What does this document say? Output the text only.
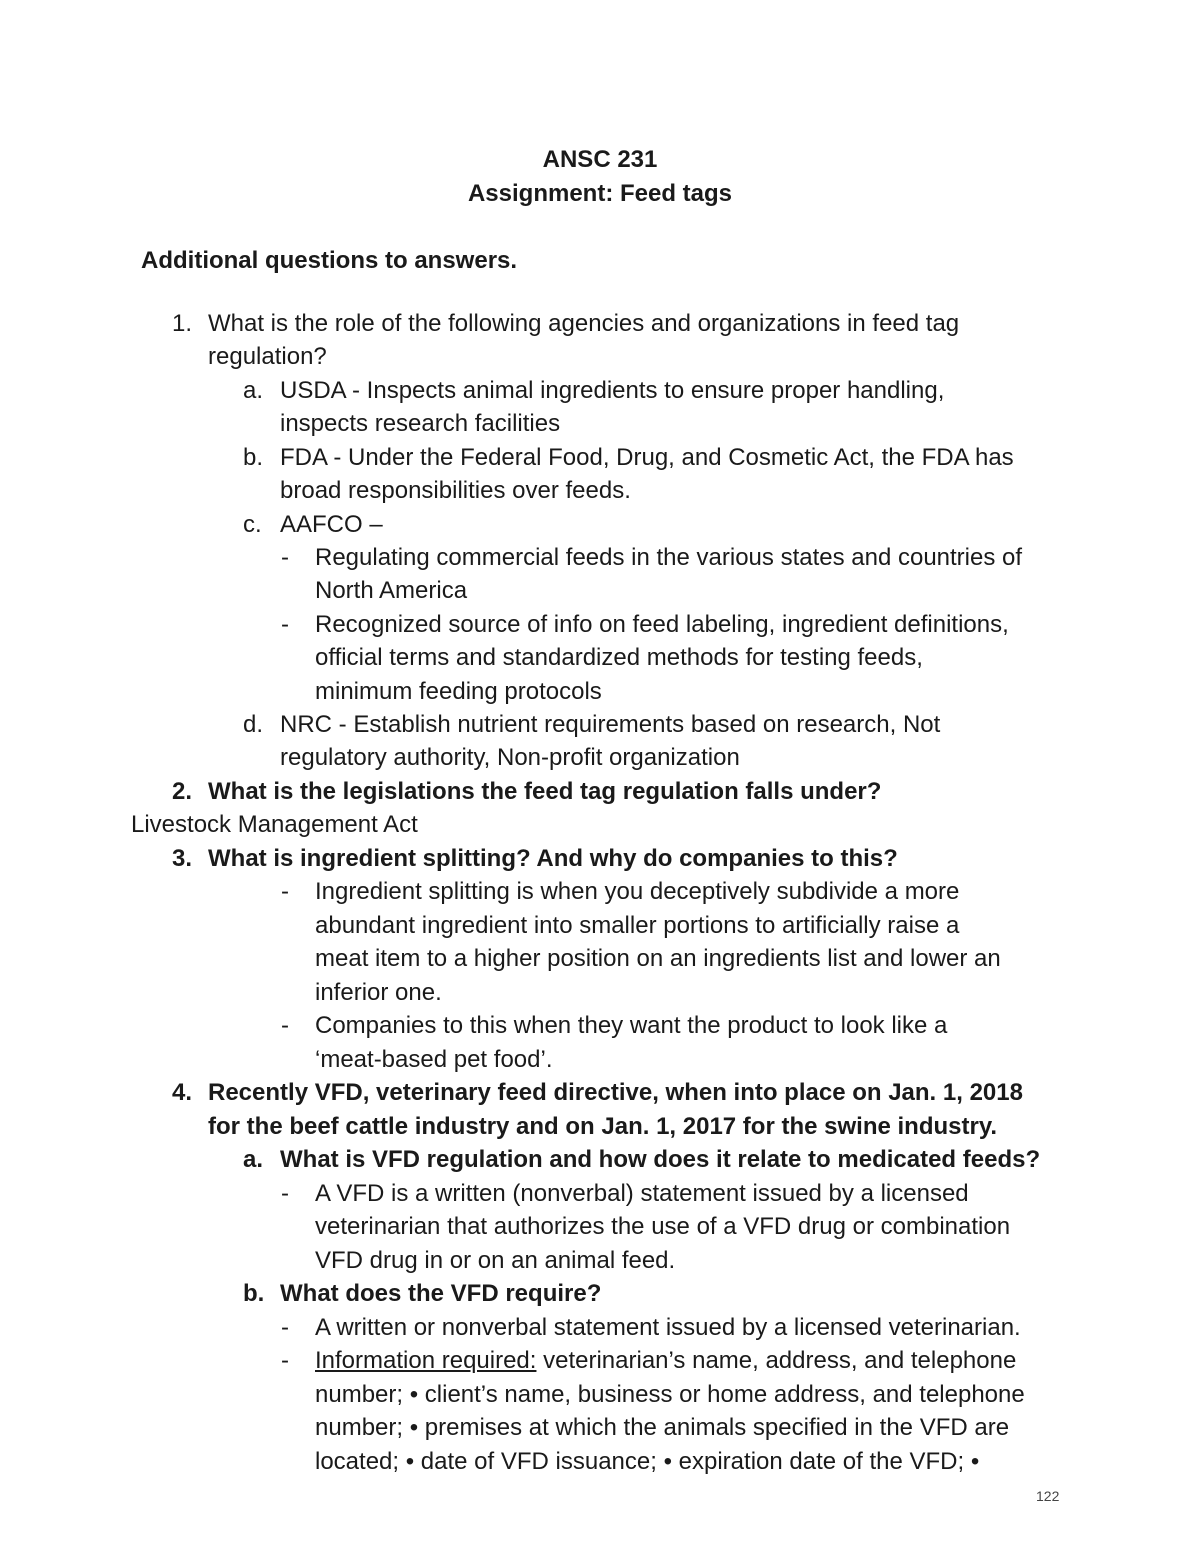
ANSC 231
Assignment: Feed tags
Additional questions to answers.
1. What is the role of the following agencies and organizations in feed tag
regulation?
a. USDA - Inspects animal ingredients to ensure proper handling,
inspects research facilities
b. FDA - Under the Federal Food, Drug, and Cosmetic Act, the FDA has
broad responsibilities over feeds.
c. AAFCO –
- Regulating commercial feeds in the various states and countries of
North America
- Recognized source of info on feed labeling, ingredient definitions,
official terms and standardized methods for testing feeds,
minimum feeding protocols
d. NRC - Establish nutrient requirements based on research, Not
regulatory authority, Non-profit organization
2. What is the legislations the feed tag regulation falls under?
Livestock Management Act
3. What is ingredient splitting? And why do companies to this?
- Ingredient splitting is when you deceptively subdivide a more
abundant ingredient into smaller portions to artificially raise a
meat item to a higher position on an ingredients list and lower an
inferior one.
- Companies to this when they want the product to look like a
‘meat-based pet food’.
4. Recently VFD, veterinary feed directive, when into place on Jan. 1, 2018
for the beef cattle industry and on Jan. 1, 2017 for the swine industry.
a. What is VFD regulation and how does it relate to medicated feeds?
- A VFD is a written (nonverbal) statement issued by a licensed
veterinarian that authorizes the use of a VFD drug or combination
VFD drug in or on an animal feed.
b. What does the VFD require?
- A written or nonverbal statement issued by a licensed veterinarian.
- Information required: veterinarian’s name, address, and telephone
number; • client’s name, business or home address, and telephone
number; • premises at which the animals specified in the VFD are
located; • date of VFD issuance; • expiration date of the VFD; •
122
